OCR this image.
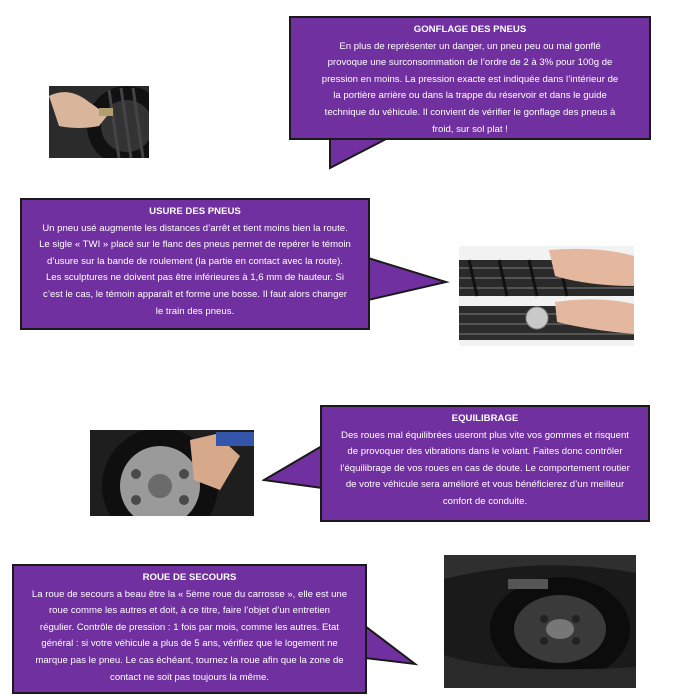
GONFLAGE DES PNEUS
En plus de représenter un danger, un pneu peu ou mal gonflé
provoque une surconsommation de l’ordre de 2 à 3% pour 100g de
pression en moins. La pression exacte est indiquée dans l’intérieur de
la portière arrière ou dans la trappe du réservoir et dans le guide
technique du véhicule. Il convient de vérifier le gonflage des pneus à
froid, sur sol plat !
USURE DES PNEUS
Un pneu usé augmente les distances d’arrêt et tient moins bien la route.
Le sigle « TWI » placé sur le flanc des pneus permet de repérer le témoin
d’usure sur la bande de roulement (la partie en contact avec la route).
Les sculptures ne doivent pas être inférieures à 1,6 mm de hauteur. Si
c’est le cas, le témoin apparaît et forme une bosse. Il faut alors changer
le train des pneus.
EQUILIBRAGE
Des roues mal équilibrées useront plus vite vos gommes et risquent
de provoquer des vibrations dans le volant. Faites donc contrôler
l’équilibrage de vos roues en cas de doute. Le comportement routier
de votre véhicule sera amélioré et vous bénéficierez d’un meilleur
confort de conduite.
ROUE DE SECOURS
La roue de secours a beau être la « 5ème roue du carrosse », elle est une
roue comme les autres et doit, à ce titre, faire l’objet d’un entretien
régulier. Contrôle de pression : 1 fois par mois, comme les autres. Etat
général : si votre véhicule a plus de 5 ans, vérifiez que le logement ne
marque pas le pneu. Le cas échéant, tournez la roue afin que la zone de
contact ne soit pas toujours la même.
